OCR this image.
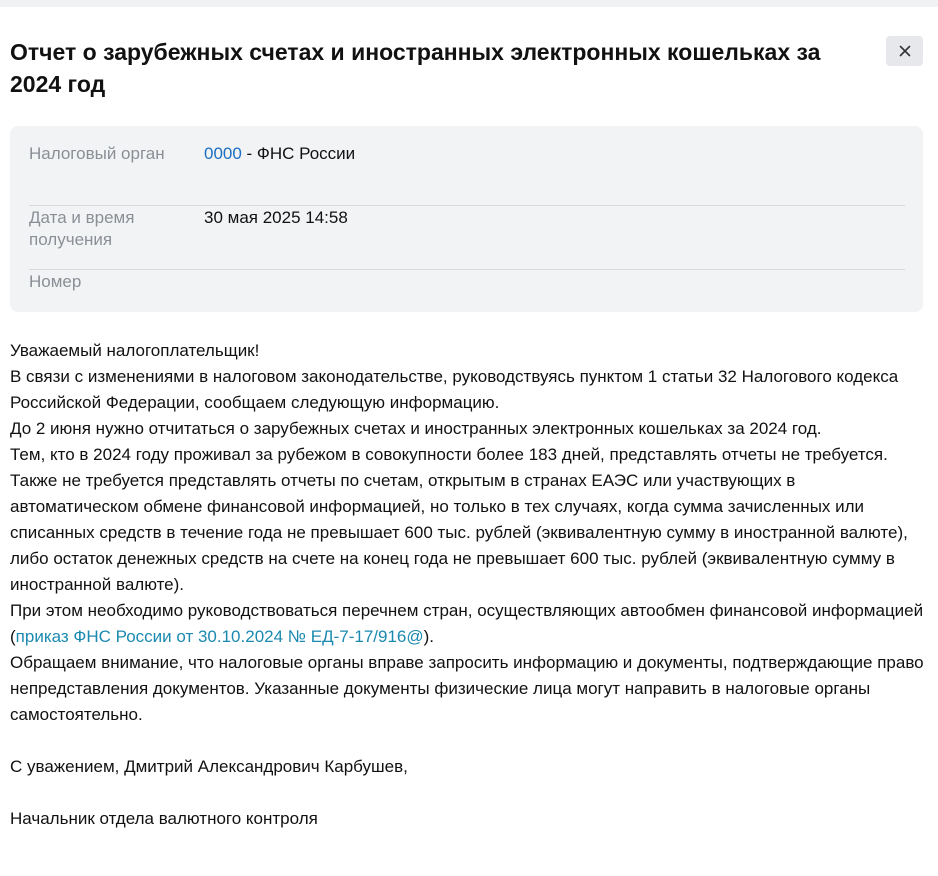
Отчет о зарубежных счетах и иностранных электронных кошельках за 2024 год
Налоговый орган	0000 - ФНС России
Дата и время получения
30 мая 2025 14:58
Номер

Уважаемый налогоплательщик!

В связи с изменениями в налоговом законодательстве, руководствуясь пунктом 1 статьи 32 Налогового кодекса Российской Федерации, сообщаем следующую информацию.

До 2 июня нужно отчитаться о зарубежных счетах и иностранных электронных кошельках за 2024 год.

Тем, кто в 2024 году проживал за рубежом в совокупности более 183 дней, представлять отчеты не требуется.

Также не требуется представлять отчеты по счетам, открытым в странах ЕАЭС или участвующих в автоматическом обмене финансовой информацией, но только в тех случаях, когда сумма зачисленных или списанных средств в течение года не превышает 600 тыс. рублей (эквивалентную сумму в иностранной валюте), либо остаток денежных средств на счете на конец года не превышает 600 тыс. рублей (эквивалентную сумму в иностранной валюте).

При этом необходимо руководствоваться перечнем стран, осуществляющих автообмен финансовой информацией (приказ ФНС России от 30.10.2024 № ЕД-7-17/916@).

Обращаем внимание, что налоговые органы вправе запросить информацию и документы, подтверждающие право непредставления документов. Указанные документы физические лица могут направить в налоговые органы самостоятельно.

С уважением, Дмитрий Александрович Карбушев,

Начальник отдела валютного контроля
